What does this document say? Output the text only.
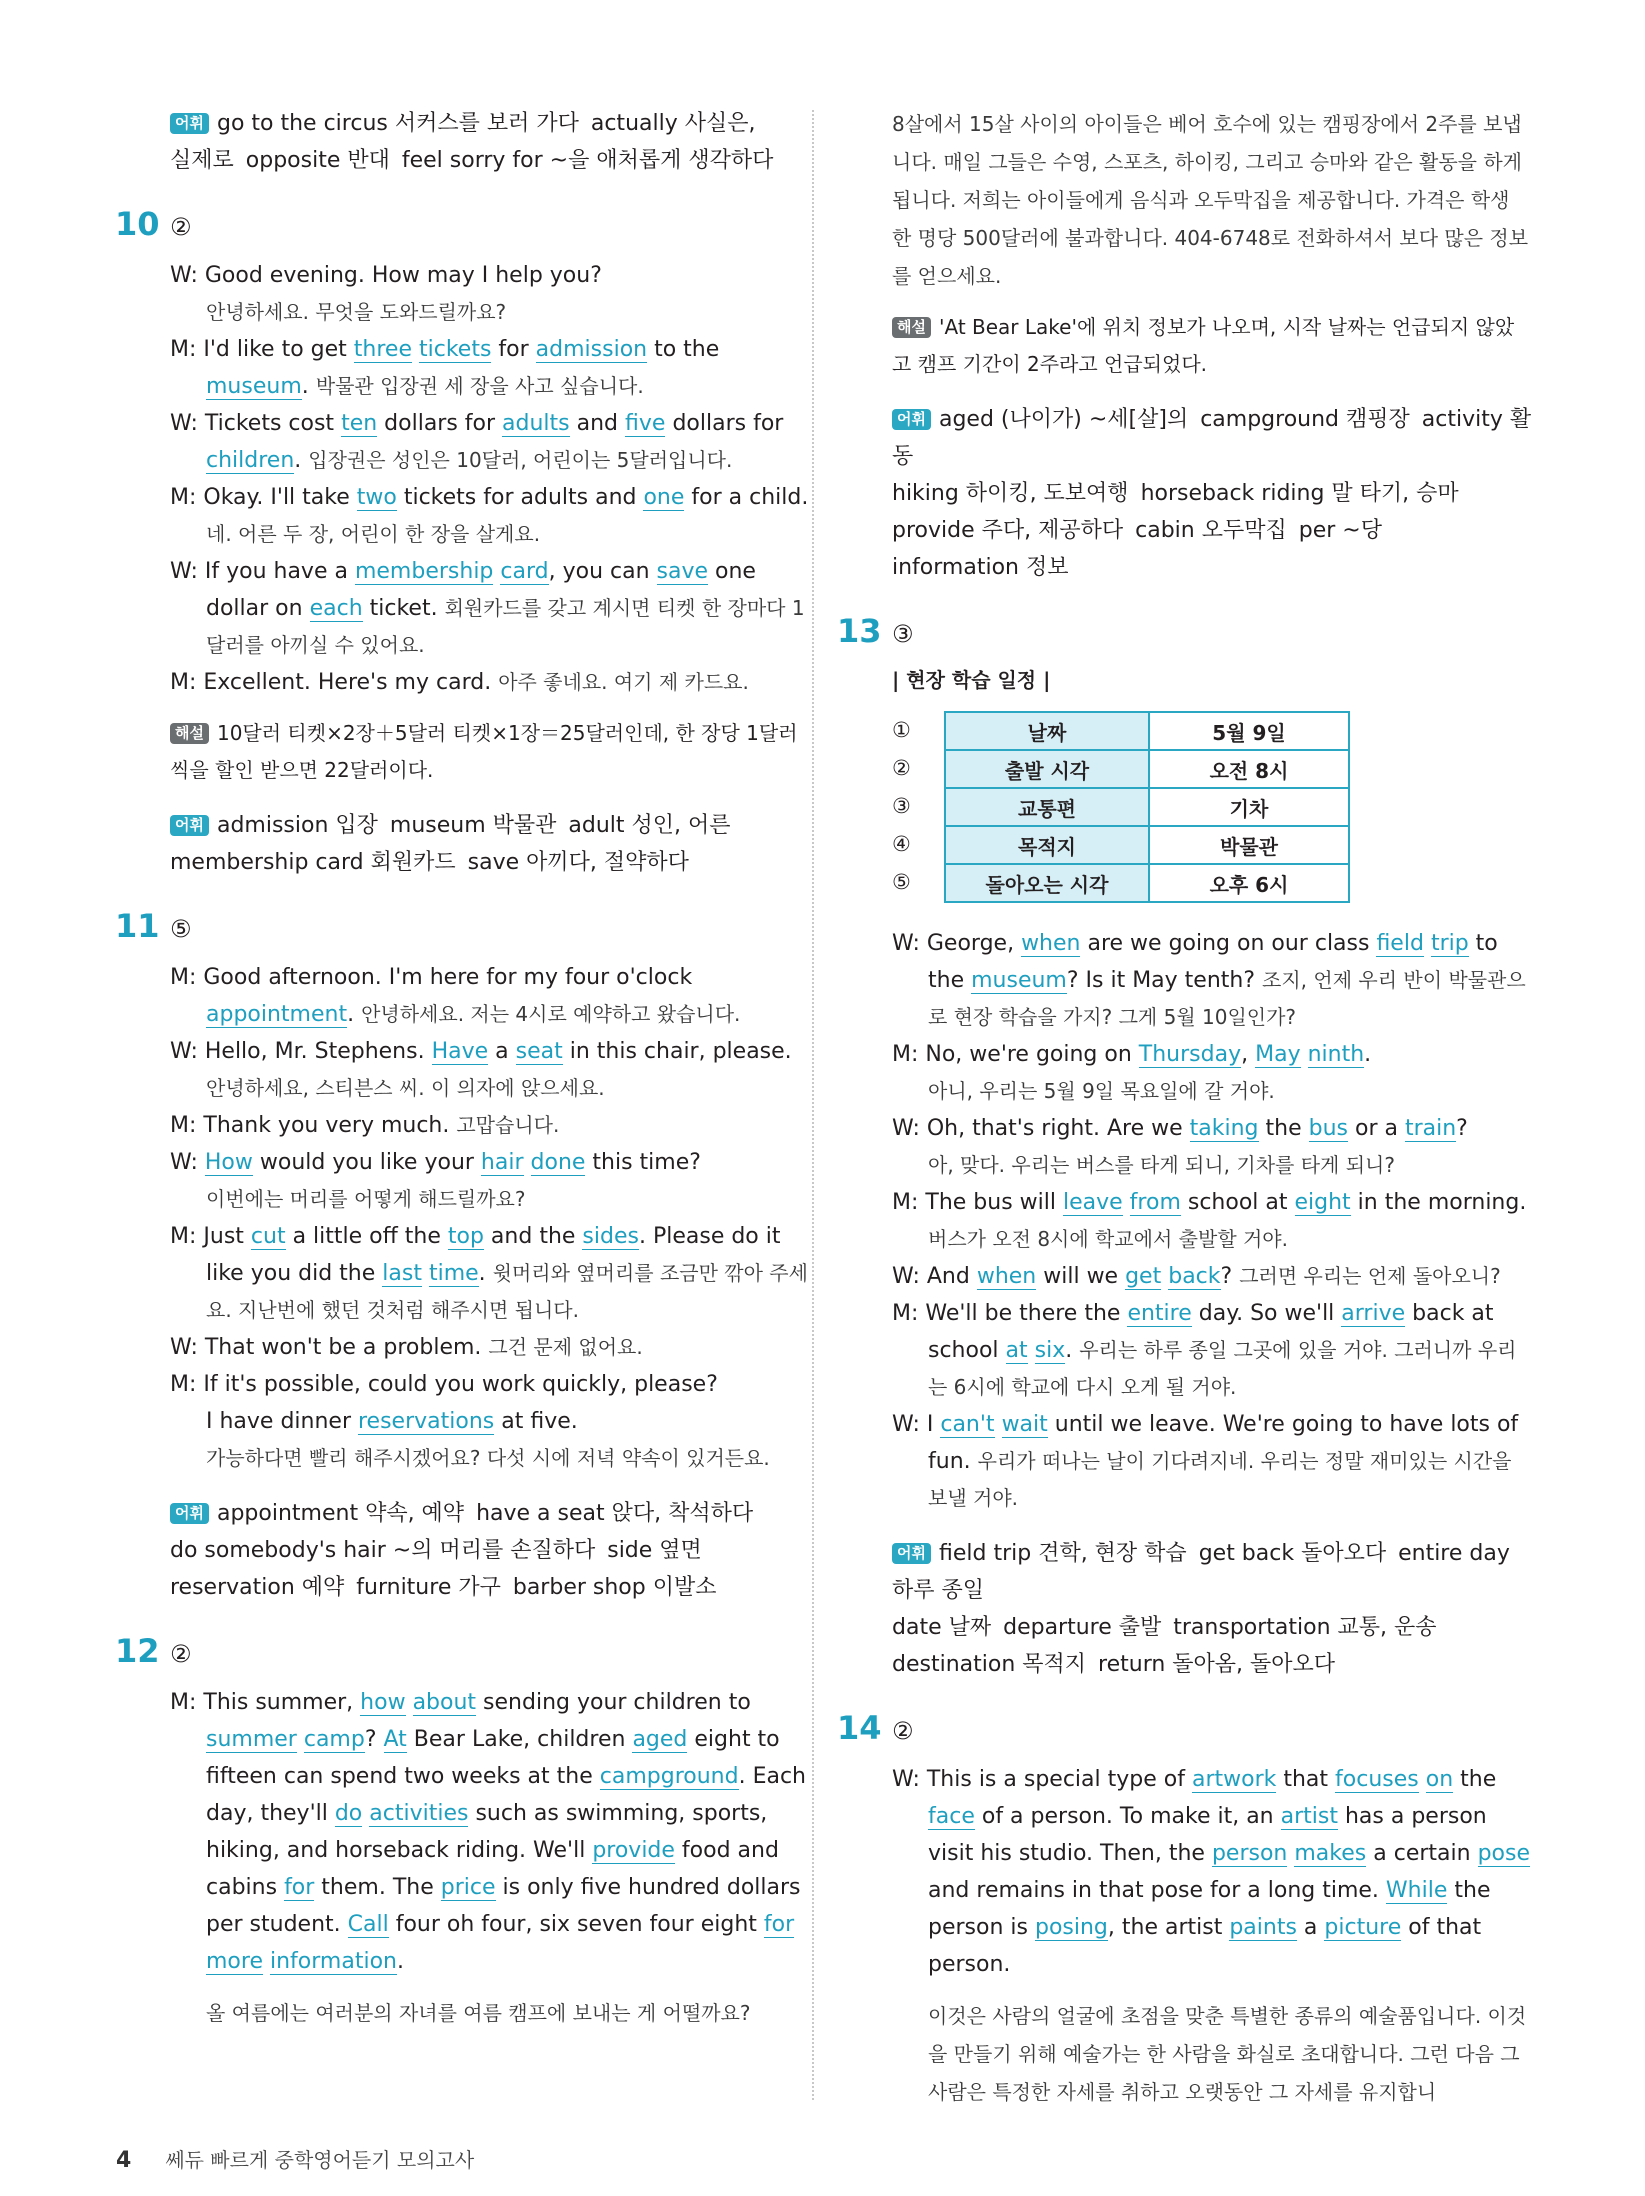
어휘 go to the circus 서커스를 보러 가다 actually 사실은,
실제로 opposite 반대 feel sorry for ~을 애처롭게 생각하다
10 ②
W: Good evening. How may I help you?
안녕하세요. 무엇을 도와드릴까요?
M: I'd like to get three tickets for admission to the museum. 박물관 입장권 세 장을 사고 싶습니다.
W: Tickets cost ten dollars for adults and five dollars for children. 입장권은 성인은 10달러, 어린이는 5달러입니다.
M: Okay. I'll take two tickets for adults and one for a child. 네. 어른 두 장, 어린이 한 장을 살게요.
W: If you have a membership card, you can save one dollar on each ticket. 회원카드를 갖고 계시면 티켓 한 장마다 1달러를 아끼실 수 있어요.
M: Excellent. Here's my card. 아주 좋네요. 여기 제 카드요.
해설 10달러 티켓×2장＋5달러 티켓×1장＝25달러인데, 한 장당 1달러씩을 할인 받으면 22달러이다.
어휘 admission 입장 museum 박물관 adult 성인, 어른
membership card 회원카드 save 아끼다, 절약하다
11 ⑤
M: Good afternoon. I'm here for my four o'clock appointment. 안녕하세요. 저는 4시로 예약하고 왔습니다.
W: Hello, Mr. Stephens. Have a seat in this chair, please. 안녕하세요, 스티븐스 씨. 이 의자에 앉으세요.
M: Thank you very much. 고맙습니다.
W: How would you like your hair done this time?
이번에는 머리를 어떻게 해드릴까요?
M: Just cut a little off the top and the sides. Please do it like you did the last time. 윗머리와 옆머리를 조금만 깎아 주세요. 지난번에 했던 것처럼 해주시면 됩니다.
W: That won't be a problem. 그건 문제 없어요.
M: If it's possible, could you work quickly, please?
I have dinner reservations at five.
가능하다면 빨리 해주시겠어요? 다섯 시에 저녁 약속이 있거든요.
어휘 appointment 약속, 예약 have a seat 앉다, 착석하다
do somebody's hair ~의 머리를 손질하다 side 옆면
reservation 예약 furniture 가구 barber shop 이발소
12 ②
M: This summer, how about sending your children to summer camp? At Bear Lake, children aged eight to fifteen can spend two weeks at the campground. Each day, they'll do activities such as swimming, sports, hiking, and horseback riding. We'll provide food and cabins for them. The price is only five hundred dollars per student. Call four oh four, six seven four eight for more information.
올 여름에는 여러분의 자녀를 여름 캠프에 보내는 게 어떨까요?
8살에서 15살 사이의 아이들은 베어 호수에 있는 캠핑장에서 2주를 보냅니다. 매일 그들은 수영, 스포츠, 하이킹, 그리고 승마와 같은 활동을 하게 됩니다. 저희는 아이들에게 음식과 오두막집을 제공합니다. 가격은 학생 한 명당 500달러에 불과합니다. 404-6748로 전화하셔서 보다 많은 정보를 얻으세요.
해설 'At Bear Lake'에 위치 정보가 나오며, 시작 날짜는 언급되지 않았고 캠프 기간이 2주라고 언급되었다.
어휘 aged (나이가) ~세[살]의 campground 캠핑장 activity 활동
hiking 하이킹, 도보여행 horseback riding 말 타기, 승마
provide 주다, 제공하다 cabin 오두막집 per ~당
information 정보
13 ③
| 현장 학습 일정 |
①
②
③
④
⑤
날짜	5월 9일
출발 시각	오전 8시
교통편	기차
목적지	박물관
돌아오는 시각	오후 6시
W: George, when are we going on our class field trip to the museum? Is it May tenth? 조지, 언제 우리 반이 박물관으로 현장 학습을 가지? 그게 5월 10일인가?
M: No, we're going on Thursday, May ninth.
아니, 우리는 5월 9일 목요일에 갈 거야.
W: Oh, that's right. Are we taking the bus or a train?
아, 맞다. 우리는 버스를 타게 되니, 기차를 타게 되니?
M: The bus will leave from school at eight in the morning. 버스가 오전 8시에 학교에서 출발할 거야.
W: And when will we get back? 그러면 우리는 언제 돌아오니?
M: We'll be there the entire day. So we'll arrive back at school at six. 우리는 하루 종일 그곳에 있을 거야. 그러니까 우리는 6시에 학교에 다시 오게 될 거야.
W: I can't wait until we leave. We're going to have lots of fun. 우리가 떠나는 날이 기다려지네. 우리는 정말 재미있는 시간을 보낼 거야.
어휘 field trip 견학, 현장 학습 get back 돌아오다 entire day 하루 종일
date 날짜 departure 출발 transportation 교통, 운송
destination 목적지 return 돌아옴, 돌아오다
14 ②
W: This is a special type of artwork that focuses on the face of a person. To make it, an artist has a person visit his studio. Then, the person makes a certain pose and remains in that pose for a long time. While the person is posing, the artist paints a picture of that person.
이것은 사람의 얼굴에 초점을 맞춘 특별한 종류의 예술품입니다. 이것을 만들기 위해 예술가는 한 사람을 화실로 초대합니다. 그런 다음 그 사람은 특정한 자세를 취하고 오랫동안 그 자세를 유지합니
4 쎄듀 빠르게 중학영어듣기 모의고사
